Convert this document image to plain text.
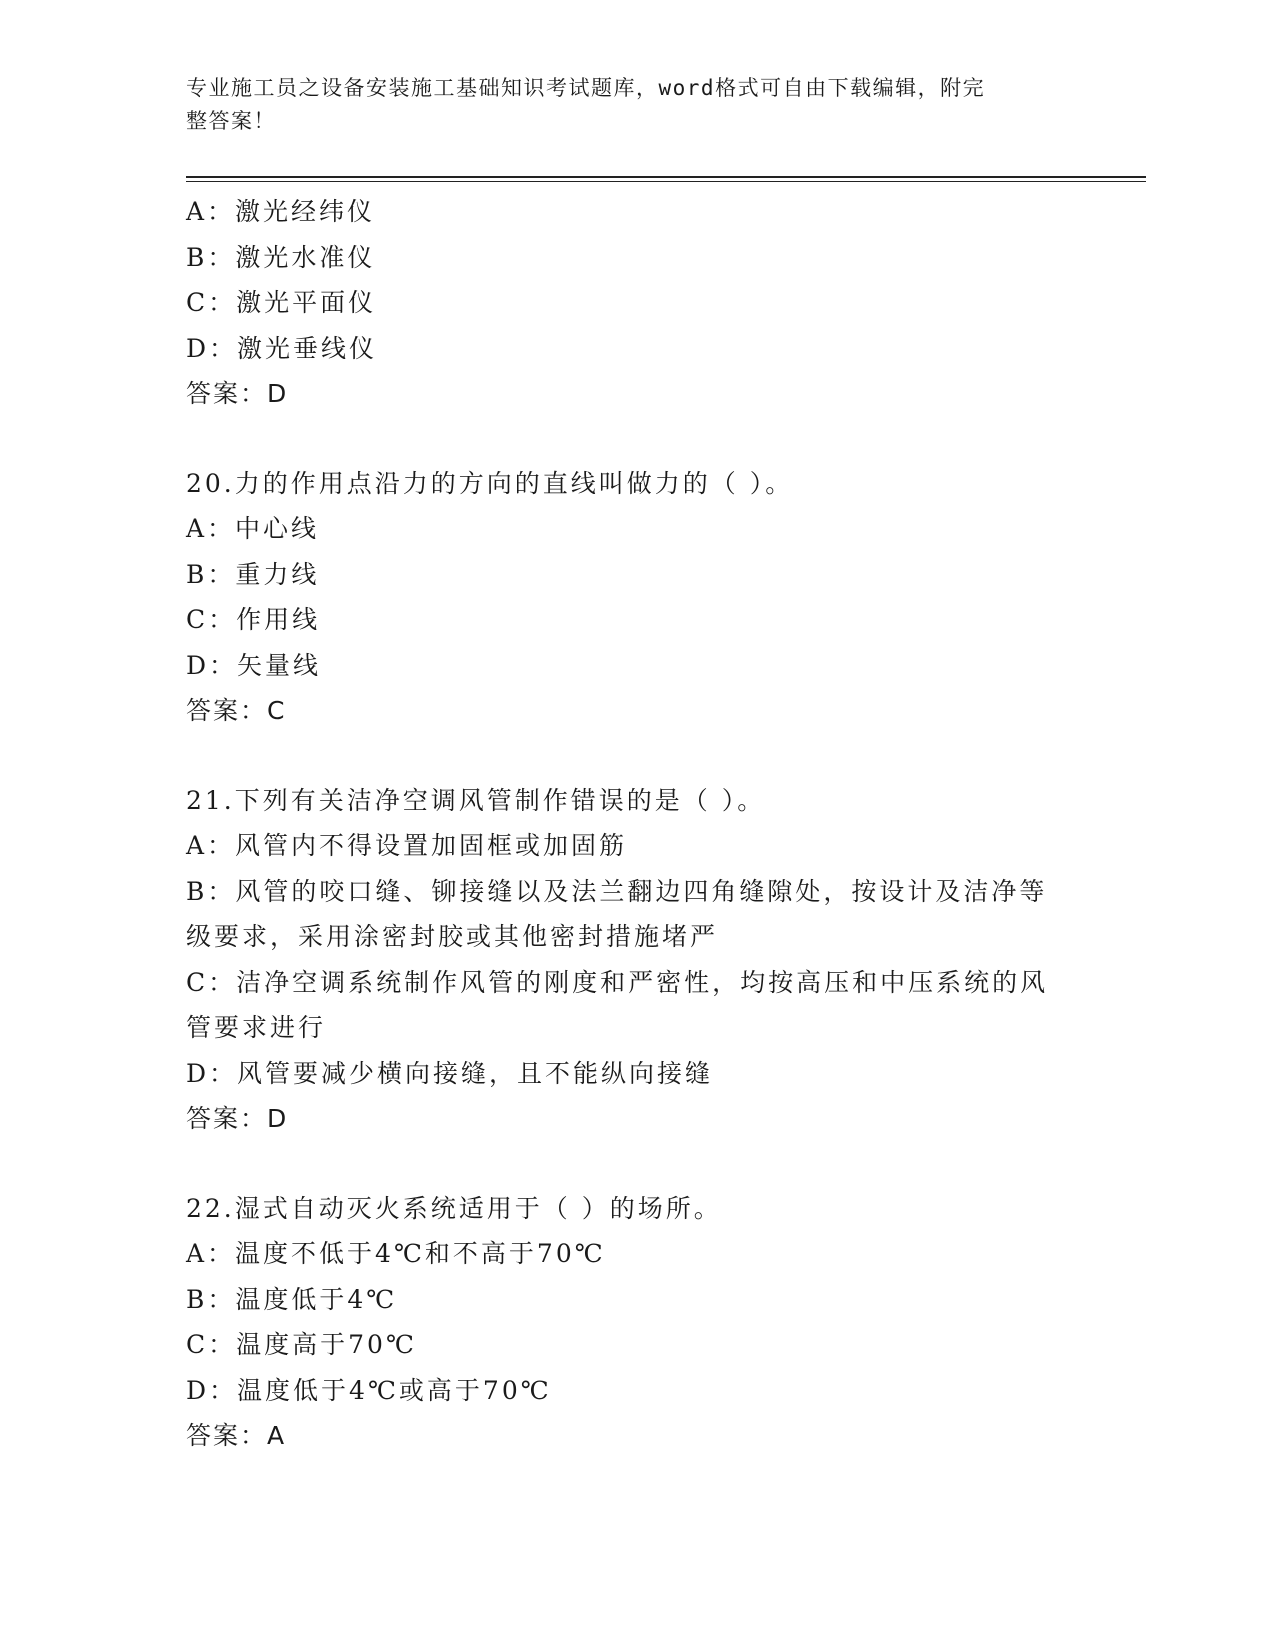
专业施工员之设备安装施工基础知识考试题库，word格式可自由下载编辑，附完
整答案！
A：激光经纬仪
B：激光水准仪
C：激光平面仪
D：激光垂线仪
答案：D
20.力的作用点沿力的方向的直线叫做力的（ ）。
A：中心线
B：重力线
C：作用线
D：矢量线
答案：C
21.下列有关洁净空调风管制作错误的是（ ）。
A：风管内不得设置加固框或加固筋
B：风管的咬口缝、铆接缝以及法兰翻边四角缝隙处，按设计及洁净等级要求，采用涂密封胶或其他密封措施堵严
C：洁净空调系统制作风管的刚度和严密性，均按高压和中压系统的风管要求进行
D：风管要减少横向接缝，且不能纵向接缝
答案：D
22.湿式自动灭火系统适用于（ ）的场所。
A：温度不低于4℃和不高于70℃
B：温度低于4℃
C：温度高于70℃
D：温度低于4℃或高于70℃
答案：A
